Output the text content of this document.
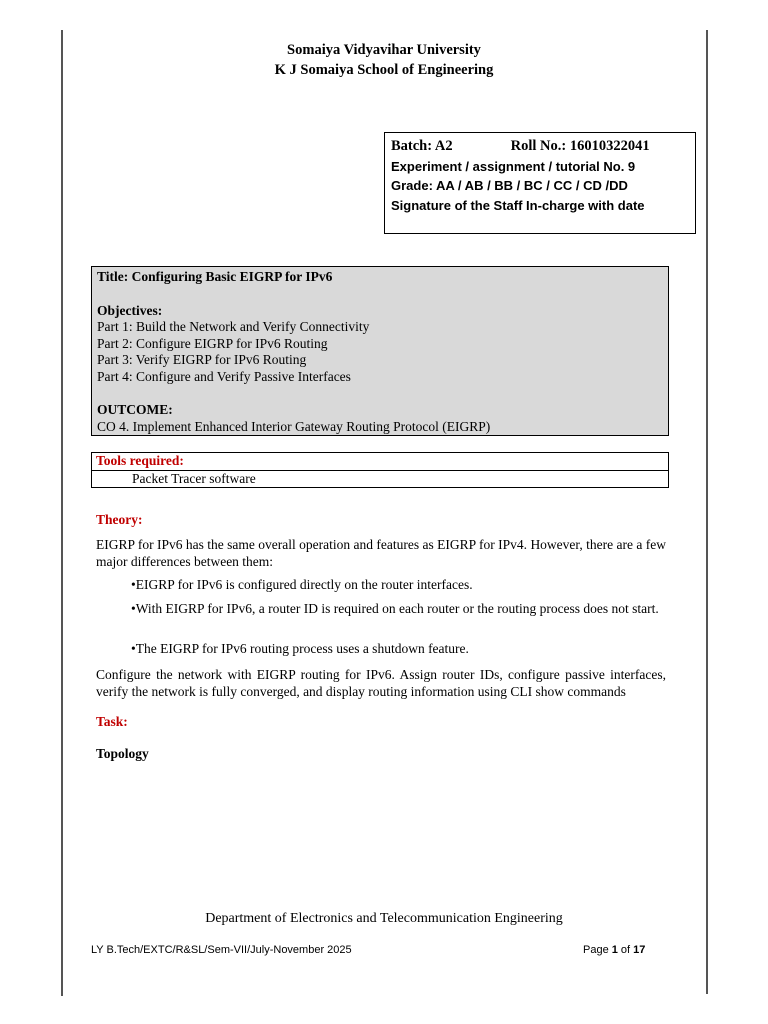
Somaiya Vidyavihar University
K J Somaiya School of Engineering
Batch: A2	Roll No.: 16010322041
Experiment / assignment / tutorial No. 9
Grade: AA / AB / BB / BC / CC / CD /DD
Signature of the Staff In-charge with date
Title: Configuring Basic EIGRP for IPv6
Objectives:
Part 1: Build the Network and Verify Connectivity
Part 2: Configure EIGRP for IPv6 Routing
Part 3: Verify EIGRP for IPv6 Routing
Part 4: Configure and Verify Passive Interfaces
OUTCOME:
CO 4. Implement Enhanced Interior Gateway Routing Protocol (EIGRP)
Tools required:
Packet Tracer software
Theory:
EIGRP for IPv6 has the same overall operation and features as EIGRP for IPv4. However, there are a few major differences between them:
•EIGRP for IPv6 is configured directly on the router interfaces.
•With EIGRP for IPv6, a router ID is required on each router or the routing process does not start.
•The EIGRP for IPv6 routing process uses a shutdown feature.
Configure the network with EIGRP routing for IPv6. Assign router IDs, configure passive interfaces, verify the network is fully converged, and display routing information using CLI show commands
Task:
Topology
Department of Electronics and Telecommunication Engineering
LY B.Tech/EXTC/R&SL/Sem-VII/July-November 2025	Page 1 of 17
